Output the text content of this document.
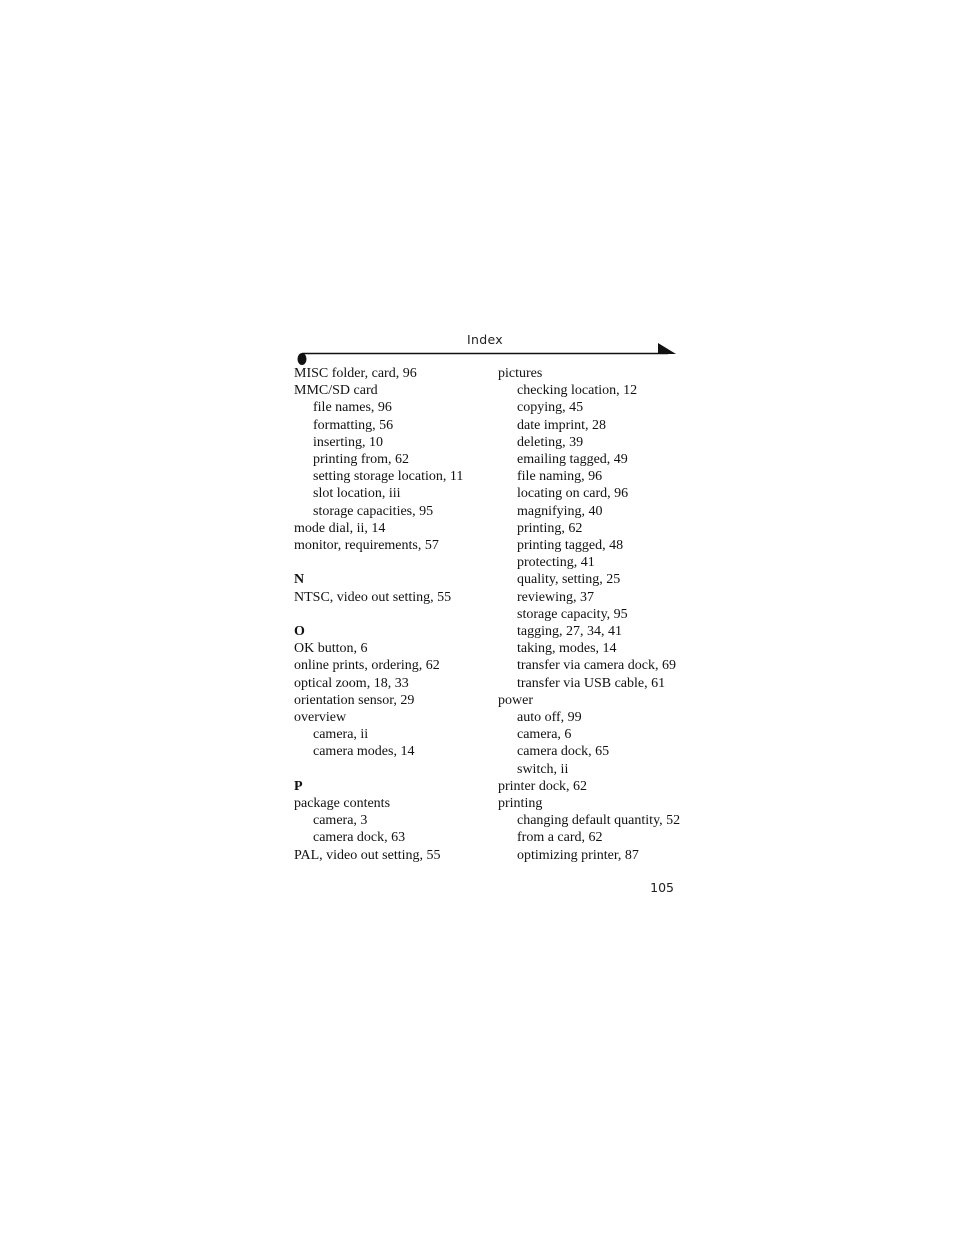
Index
MISC folder, card, 96
MMC/SD card
file names, 96
formatting, 56
inserting, 10
printing from, 62
setting storage location, 11
slot location, iii
storage capacities, 95
mode dial, ii, 14
monitor, requirements, 57
N
NTSC, video out setting, 55
O
OK button, 6
online prints, ordering, 62
optical zoom, 18, 33
orientation sensor, 29
overview
camera, ii
camera modes, 14
P
package contents
camera, 3
camera dock, 63
PAL, video out setting, 55
pictures
checking location, 12
copying, 45
date imprint, 28
deleting, 39
emailing tagged, 49
file naming, 96
locating on card, 96
magnifying, 40
printing, 62
printing tagged, 48
protecting, 41
quality, setting, 25
reviewing, 37
storage capacity, 95
tagging, 27, 34, 41
taking, modes, 14
transfer via camera dock, 69
transfer via USB cable, 61
power
auto off, 99
camera, 6
camera dock, 65
switch, ii
printer dock, 62
printing
changing default quantity, 52
from a card, 62
optimizing printer, 87
105
